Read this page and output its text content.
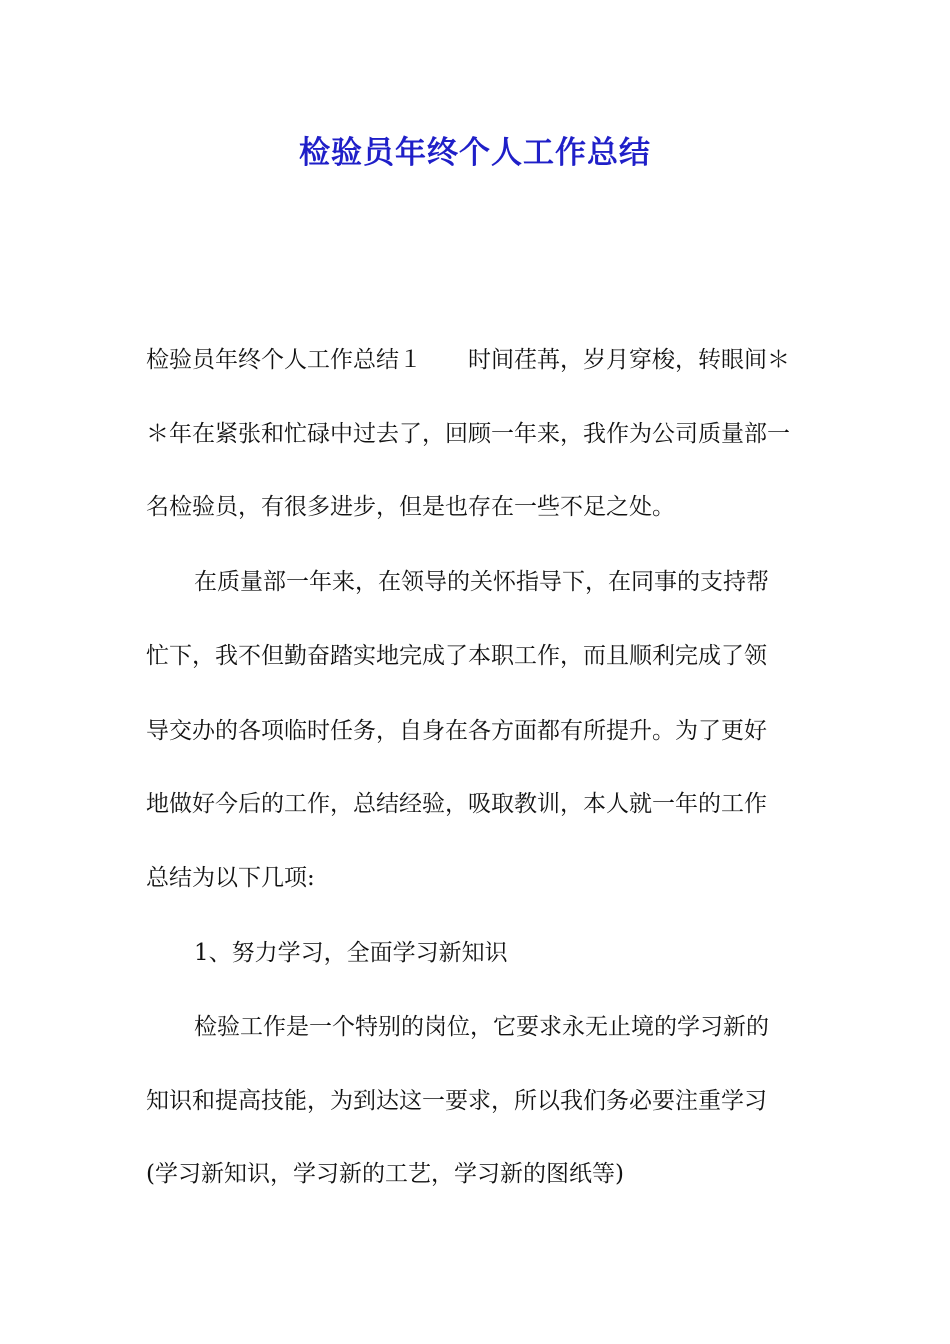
检验员年终个人工作总结
检验员年终个人工作总结１　　时间荏苒，岁月穿梭，转眼间＊
＊年在紧张和忙碌中过去了，回顾一年来，我作为公司质量部一
名检验员，有很多进步，但是也存在一些不足之处。
在质量部一年来，在领导的关怀指导下，在同事的支持帮
忙下，我不但勤奋踏实地完成了本职工作，而且顺利完成了领
导交办的各项临时任务，自身在各方面都有所提升。为了更好
地做好今后的工作，总结经验，吸取教训，本人就一年的工作
总结为以下几项:
1、努力学习，全面学习新知识
检验工作是一个特别的岗位，它要求永无止境的学习新的
知识和提高技能，为到达这一要求，所以我们务必要注重学习
(学习新知识，学习新的工艺，学习新的图纸等)
